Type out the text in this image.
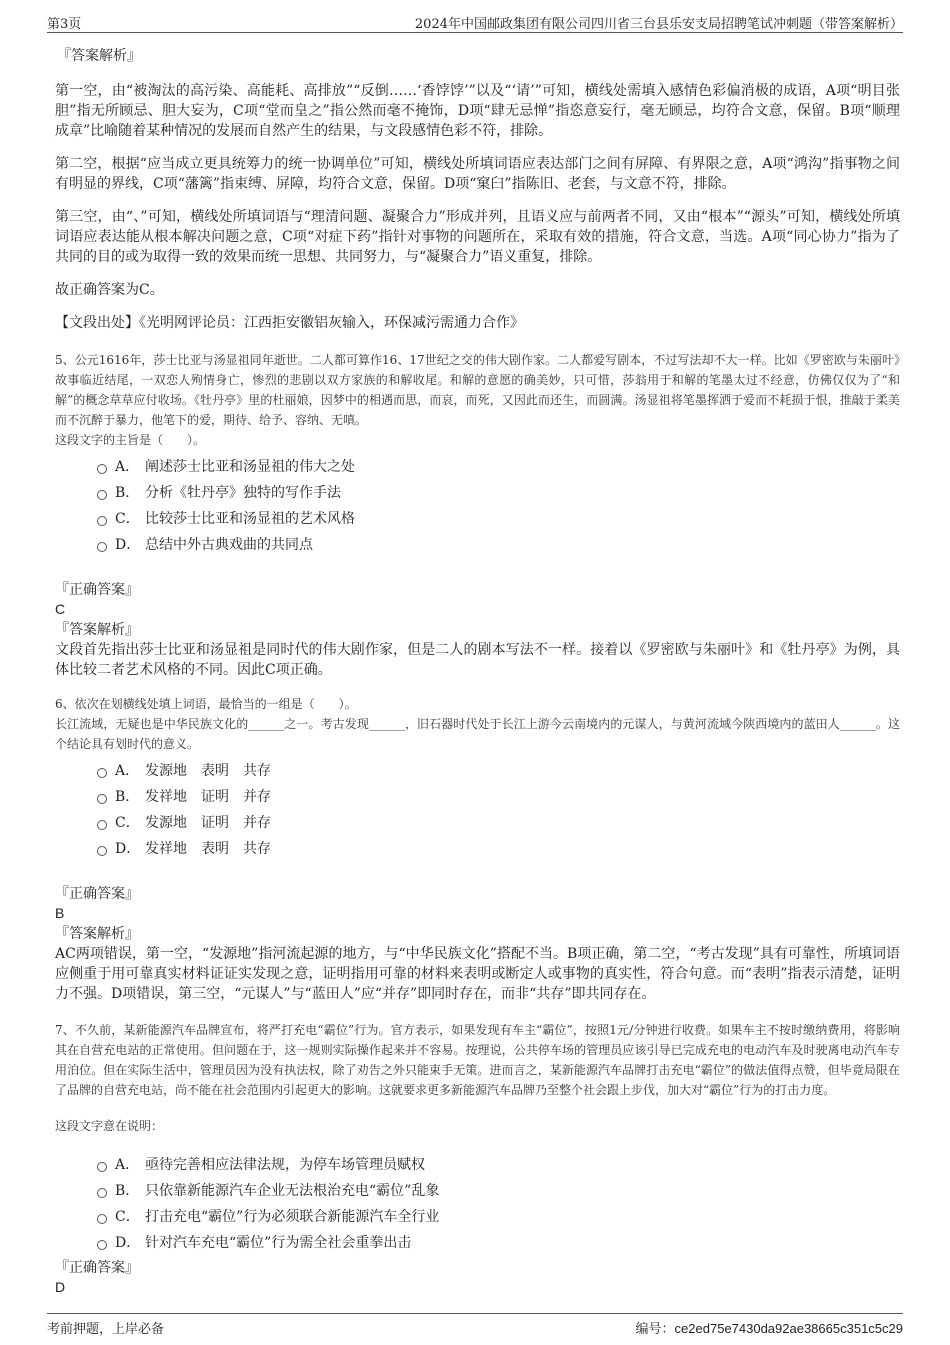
第3页	2024年中国邮政集团有限公司四川省三台县乐安支局招聘笔试冲刺题（带答案解析）
『答案解析』
第一空，由“被淘汰的高污染、高能耗、高排放”“反倒……‘香饽饽’”以及“‘请’”可知，横线处需填入感情色彩偏消极的成语，A项“明目张胆”指无所顾忌、胆大妄为，C项“堂而皇之”指公然而毫不掩饰，D项“肆无忌惮”指恣意妄行，毫无顾忌，均符合文意，保留。B项“顺理成章”比喻随着某种情况的发展而自然产生的结果，与文段感情色彩不符，排除。
第二空，根据“应当成立更具统筹力的统一协调单位”可知，横线处所填词语应表达部门之间有屏障、有界限之意，A项“鸿沟”指事物之间有明显的界线，C项“藩篱”指束缚、屏障，均符合文意，保留。D项“窠臼”指陈旧、老套，与文意不符，排除。
第三空，由“、”可知，横线处所填词语与“理清问题、凝聚合力”形成并列，且语义应与前两者不同，又由“根本”“源头”可知，横线处所填词语应表达能从根本解决问题之意，C项“对症下药”指针对事物的问题所在，采取有效的措施，符合文意，当选。A项“同心协力”指为了共同的目的或为取得一致的效果而统一思想、共同努力，与“凝聚合力”语义重复，排除。
故正确答案为C。
【文段出处】《光明网评论员：江西拒安徽铝灰输入，环保减污需通力合作》
5、公元1616年，莎士比亚与汤显祖同年逝世。二人都可算作16、17世纪之交的伟大剧作家。二人都爱写剧本，不过写法却不大一样。比如《罗密欧与朱丽叶》故事临近结尾，一双恋人殉情身亡，惨烈的悲剧以双方家族的和解收尾。和解的意愿的确美妙，只可惜，莎翁用于和解的笔墨太过不经意，仿佛仅仅为了“和解”的概念草草应付收场。《牡丹亭》里的杜丽娘，因梦中的相遇而思，而哀，而死，又因此而还生，而圆满。汤显祖将笔墨挥洒于爱而不耗损于恨，推敲于柔美而不沉醉于暴力，他笔下的爱，期待、给予、容纳、无嗔。
这段文字的主旨是（　　）。
A． 阐述莎士比亚和汤显祖的伟大之处
B． 分析《牡丹亭》独特的写作手法
C． 比较莎士比亚和汤显祖的艺术风格
D． 总结中外古典戏曲的共同点
『正确答案』
C
『答案解析』
文段首先指出莎士比亚和汤显祖是同时代的伟大剧作家，但是二人的剧本写法不一样。接着以《罗密欧与朱丽叶》和《牡丹亭》为例，具体比较二者艺术风格的不同。因此C项正确。
6、依次在划横线处填上词语，最恰当的一组是（　　）。
长江流域，无疑也是中华民族文化的______之一。考古发现______，旧石器时代处于长江上游今云南境内的元谋人，与黄河流域今陕西境内的蓝田人______。这个结论具有划时代的意义。
A． 发源地　表明　共存
B． 发祥地　证明　并存
C． 发源地　证明　并存
D． 发祥地　表明　共存
『正确答案』
B
『答案解析』
AC两项错误，第一空，“发源地”指河流起源的地方，与“中华民族文化”搭配不当。B项正确，第二空，“考古发现”具有可靠性，所填词语应侧重于用可靠真实材料证证实发现之意，证明指用可靠的材料来表明或断定人或事物的真实性，符合句意。而“表明”指表示清楚，证明力不强。D项错误，第三空，“元谋人”与“蓝田人”应“并存”即同时存在，而非“共存”即共同存在。
7、不久前，某新能源汽车品牌宣布，将严打充电“霸位”行为。官方表示，如果发现有车主“霸位”，按照1元/分钟进行收费。如果车主不按时缴纳费用，将影响其在自营充电站的正常使用。但问题在于，这一规则实际操作起来并不容易。按理说，公共停车场的管理员应该引导已完成充电的电动汽车及时驶离电动汽车专用泊位。但在实际生活中，管理员因为没有执法权，除了劝告之外只能束手无策。进而言之，某新能源汽车品牌打击充电“霸位”的做法值得点赞，但毕竟局限在了品牌的自营充电站，尚不能在社会范围内引起更大的影响。这就要求更多新能源汽车品牌乃至整个社会跟上步伐，加大对“霸位”行为的打击力度。
这段文字意在说明：
A． 亟待完善相应法律法规，为停车场管理员赋权
B． 只依靠新能源汽车企业无法根治充电“霸位”乱象
C． 打击充电“霸位”行为必须联合新能源汽车全行业
D． 针对汽车充电“霸位”行为需全社会重拳出击
『正确答案』
D
考前押题，上岸必备	编号：ce2ed75e7430da92ae38665c351c5c29
